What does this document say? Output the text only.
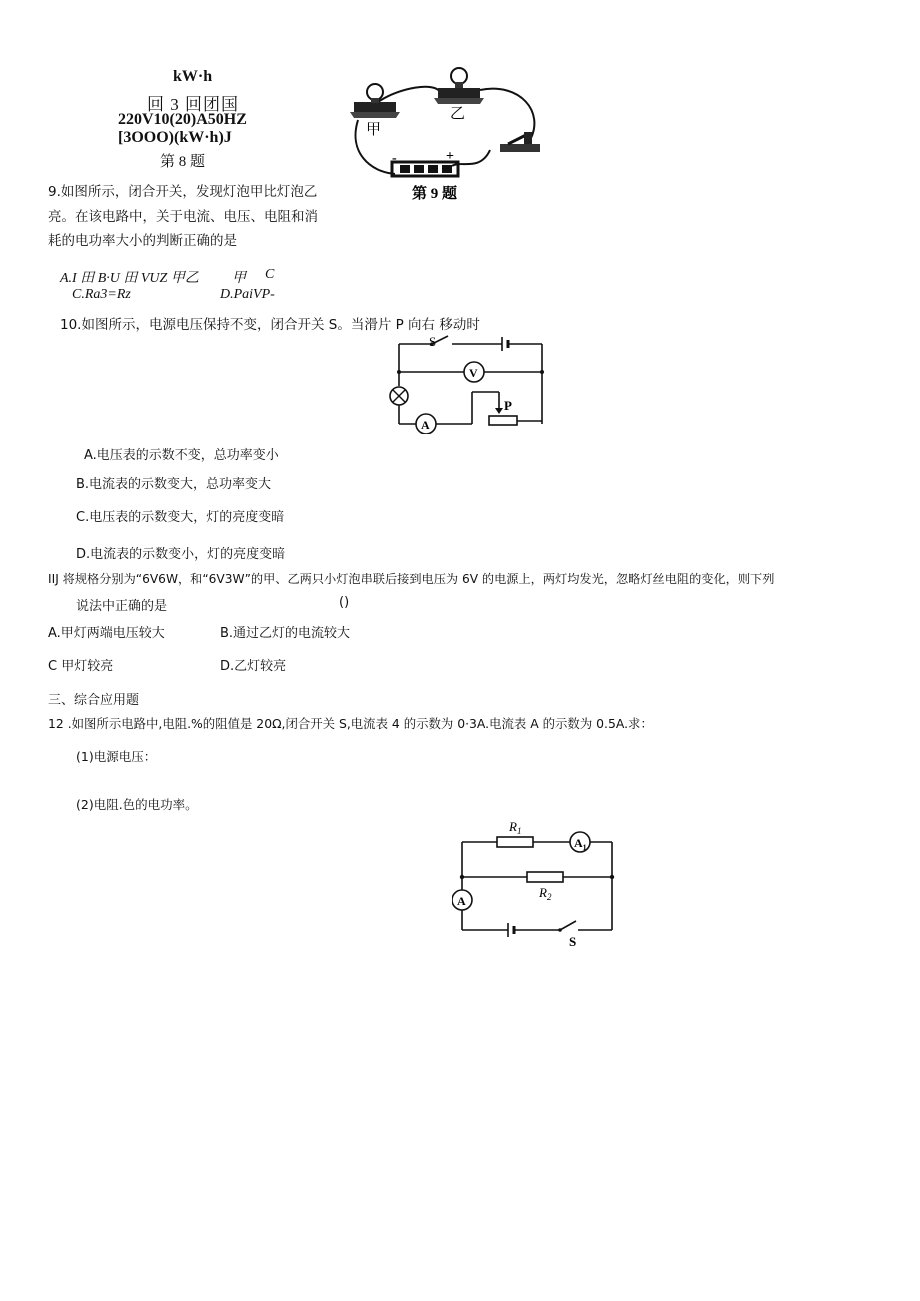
kW·h
回 3 回团国
220V10(20)A50HZ
[3OOO)(kW·h)J
第 8 题	-	+
甲
乙
第 9 题
9.如图所示，闭合开关，发现灯泡甲比灯泡乙
亮。在该电路中，关于电流、电压、电阻和消
耗的电功率大小的判断正确的是
A.I 田 B·U 田 VUZ 甲乙 甲 C
C.Ra3=Rz	D.PaiVP-
10.如图所示，电源电压保持不变，闭合开关 S。当滑片 P 向右 移动时
S
V
A
P
A.电压表的示数不变，总功率变小
B.电流表的示数变大，总功率变大
C.电压表的示数变大，灯的亮度变暗
D.电流表的示数变小，灯的亮度变暗
IIJ 将规格分别为“6V6W，和“6V3W”的甲、乙两只小灯泡串联后接到电压为 6V 的电源上，两灯均发光，忽略灯丝电阻的变化，则下列
说法中正确的是	()
A.甲灯两端电压较大	B.通过乙灯的电流较大
C 甲灯较亮	D.乙灯较亮
三、综合应用题
12 .如图所示电路中,电阻.%的阻值是 20Ω,闭合开关 S,电流表 4 的示数为 0·3A.电流表 A 的示数为 0.5A.求：
(1)电源电压：
(2)电阻.色的电功率。
$R_1$
$R_2$
$A_1$
A
S
